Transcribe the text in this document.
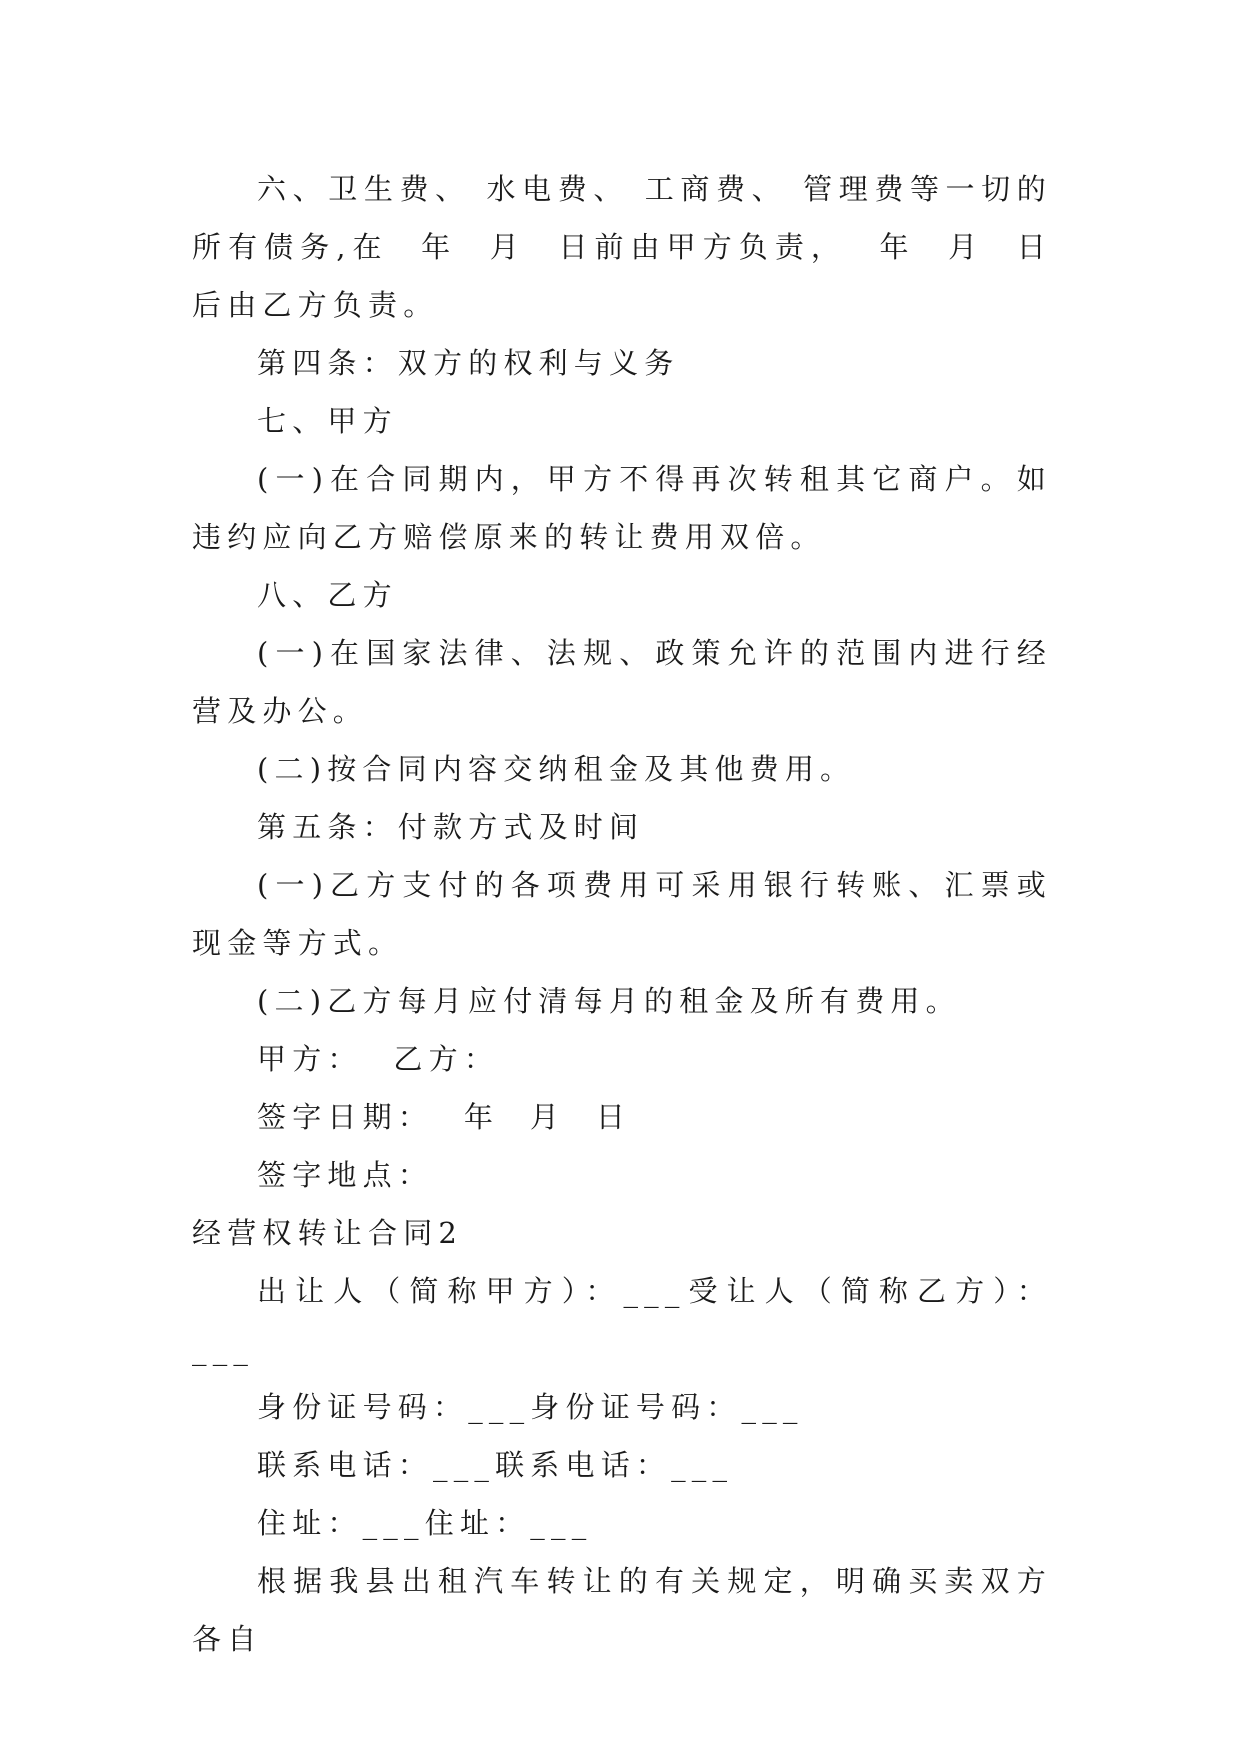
六、卫生费、 水电费、 工商费、 管理费等一切的所有债务,在  年  月  日前由甲方负责，  年  月  日后由乙方负责。

第四条：双方的权利与义务

七、甲方

(一)在合同期内，甲方不得再次转租其它商户。如违约应向乙方赔偿原来的转让费用双倍。

八、乙方

(一)在国家法律、法规、政策允许的范围内进行经营及办公。

(二)按合同内容交纳租金及其他费用。

第五条：付款方式及时间

(一)乙方支付的各项费用可采用银行转账、汇票或现金等方式。

(二)乙方每月应付清每月的租金及所有费用。

甲方：  乙方：

签字日期：  年  月  日

签字地点：

经营权转让合同2

出让人（简称甲方）：___受让人（简称乙方）：___

身份证号码：___身份证号码：___

联系电话：___联系电话：___

住址：___住址：___

根据我县出租汽车转让的有关规定，明确买卖双方各自
